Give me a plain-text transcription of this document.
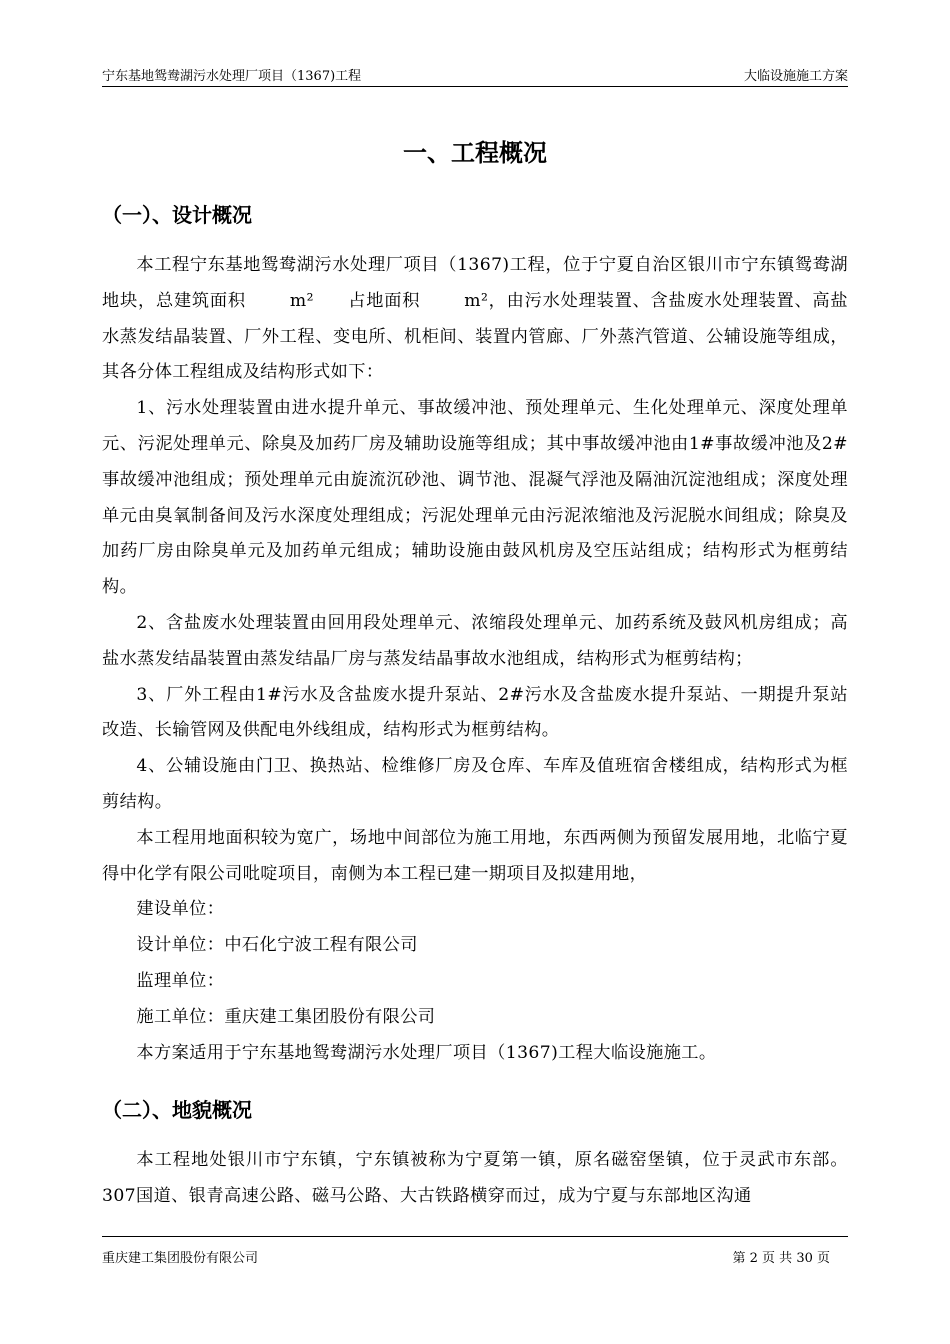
宁东基地鸳鸯湖污水处理厂项目（1367)工程	大临设施施工方案
一、工程概况
（一）、设计概况

本工程宁东基地鸳鸯湖污水处理厂项目（1367)工程，位于宁夏自治区银川市宁东镇鸳鸯湖地块，总建筑面积	m² 占地面积	m²，由污水处理装置、含盐废水处理装置、高盐水蒸发结晶装置、厂外工程、变电所、机柜间、装置内管廊、厂外蒸汽管道、公辅设施等组成，其各分体工程组成及结构形式如下：

1、污水处理装置由进水提升单元、事故缓冲池、预处理单元、生化处理单元、深度处理单元、污泥处理单元、除臭及加药厂房及辅助设施等组成；其中事故缓冲池由1#事故缓冲池及2#事故缓冲池组成；预处理单元由旋流沉砂池、调节池、混凝气浮池及隔油沉淀池组成；深度处理单元由臭氧制备间及污水深度处理组成；污泥处理单元由污泥浓缩池及污泥脱水间组成；除臭及加药厂房由除臭单元及加药单元组成；辅助设施由鼓风机房及空压站组成；结构形式为框剪结构。

2、含盐废水处理装置由回用段处理单元、浓缩段处理单元、加药系统及鼓风机房组成；高盐水蒸发结晶装置由蒸发结晶厂房与蒸发结晶事故水池组成，结构形式为框剪结构；

3、厂外工程由1#污水及含盐废水提升泵站、2#污水及含盐废水提升泵站、一期提升泵站改造、长输管网及供配电外线组成，结构形式为框剪结构。

4、公辅设施由门卫、换热站、检维修厂房及仓库、车库及值班宿舍楼组成，结构形式为框剪结构。

本工程用地面积较为宽广，场地中间部位为施工用地，东西两侧为预留发展用地，北临宁夏得中化学有限公司吡啶项目，南侧为本工程已建一期项目及拟建用地，

建设单位：

设计单位：中石化宁波工程有限公司

监理单位：

施工单位：重庆建工集团股份有限公司

本方案适用于宁东基地鸳鸯湖污水处理厂项目（1367)工程大临设施施工。

（二）、地貌概况

本工程地处银川市宁东镇，宁东镇被称为宁夏第一镇，原名磁窑堡镇，位于灵武市东部。307国道、银青高速公路、磁马公路、大古铁路横穿而过，成为宁夏与东部地区沟通

重庆建工集团股份有限公司	第 2 页 共 30 页
